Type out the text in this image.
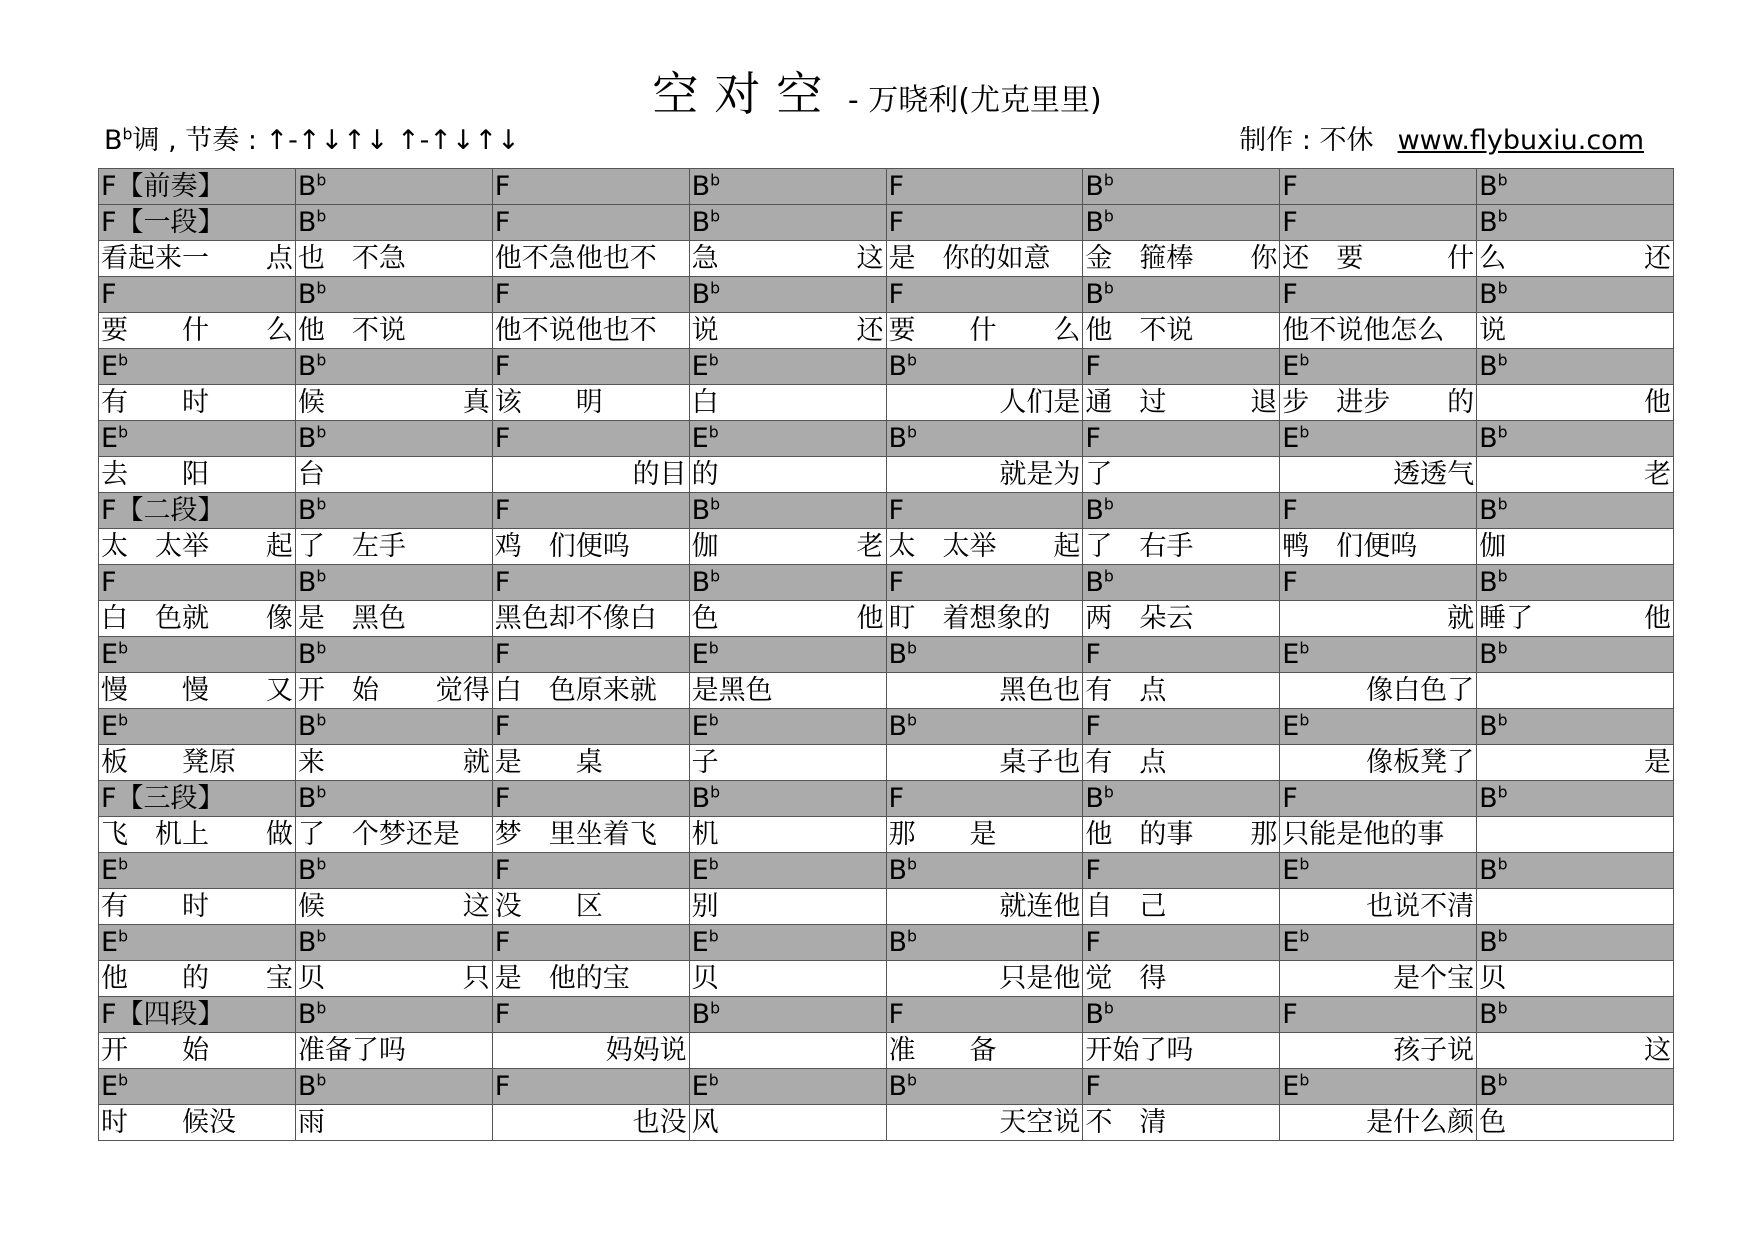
空对空 - 万晓利(尤克里里)
$B^b$调 , 节奏 : ↑-↑↓↑↓ ↑-↑↓↑↓	制作 : 不休 www.flybuxiu.com
F【前奏】	$B^b$	F	$B^b$	F	$B^b$	F	$B^b$
F【一段】	$B^b$	F	$B^b$	F	$B^b$	F	$B^b$

看起来一 点	也　不急	他不急他也不	急 这	是　你的如意	金　箍棒 你	还　要 什	么 还

F	$B^b$	F	$B^b$	F	$B^b$	F	$B^b$

要　　什 么	他　不说	他不说他也不	说 还	要　　什 么	他　不说	他不说他怎么	说

$E^b$	$B^b$	F	$E^b$	$B^b$	F	$E^b$	$B^b$

有　　时	候 真	该　　明	白	人们是	通　过 退	步　进步 的	他

$E^b$	$B^b$	F	$E^b$	$B^b$	F	$E^b$	$B^b$

去　　阳	台	的目	的	就是为	了	透透气	老

F【二段】	$B^b$	F	$B^b$	F	$B^b$	F	$B^b$

太　太举 起	了　左手	鸡　们便呜	伽 老	太　太举 起	了　右手	鸭　们便呜	伽

F	$B^b$	F	$B^b$	F	$B^b$	F	$B^b$

白　色就 像	是　黑色	黑色却不像白	色 他	盯　着想象的	两　朵云	就	睡了 他

$E^b$	$B^b$	F	$E^b$	$B^b$	F	$E^b$	$B^b$

慢　　慢 又	开　始 觉得	白　色原来就	是黑色	黑色也	有　点	像白色了	

$E^b$	$B^b$	F	$E^b$	$B^b$	F	$E^b$	$B^b$

板　　凳原	来 就	是　　桌	子	桌子也	有　点	像板凳了	是

F【三段】	$B^b$	F	$B^b$	F	$B^b$	F	$B^b$

飞　机上 做	了　个梦还是	梦　里坐着飞	机	那　　是	他　的事 那	只能是他的事	

$E^b$	$B^b$	F	$E^b$	$B^b$	F	$E^b$	$B^b$

有　　时	候 这	没　　区	别	就连他	自　己	也说不清	

$E^b$	$B^b$	F	$E^b$	$B^b$	F	$E^b$	$B^b$

他　　的 宝	贝 只	是　他的宝	贝	只是他	觉　得	是个宝	贝

F【四段】	$B^b$	F	$B^b$	F	$B^b$	F	$B^b$

开　　始	准备了吗	妈妈说		准　　备	开始了吗	孩子说	这

$E^b$	$B^b$	F	$E^b$	$B^b$	F	$E^b$	$B^b$

时　　候没	雨	也没	风	天空说	不　清	是什么颜	色
